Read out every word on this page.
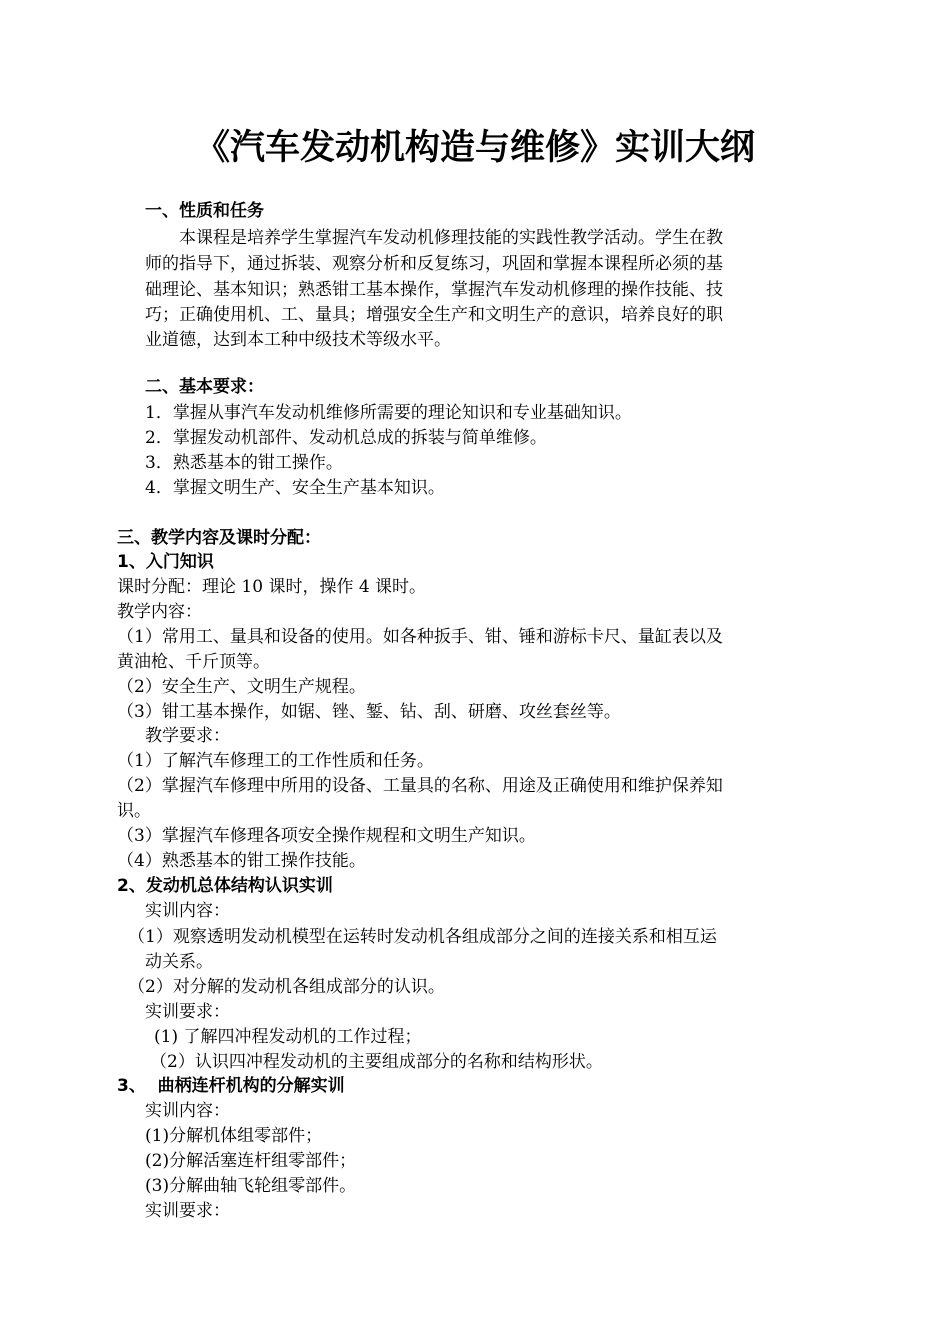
《汽车发动机构造与维修》实训大纲
一、性质和任务
本课程是培养学生掌握汽车发动机修理技能的实践性教学活动。学生在教
师的指导下，通过拆装、观察分析和反复练习，巩固和掌握本课程所必须的基
础理论、基本知识；熟悉钳工基本操作，掌握汽车发动机修理的操作技能、技
巧；正确使用机、工、量具；增强安全生产和文明生产的意识，培养良好的职
业道德，达到本工种中级技术等级水平。
二、基本要求：
1．掌握从事汽车发动机维修所需要的理论知识和专业基础知识。
2．掌握发动机部件、发动机总成的拆装与简单维修。
3．熟悉基本的钳工操作。
4．掌握文明生产、安全生产基本知识。
三、教学内容及课时分配：
1、入门知识
课时分配：理论 10 课时，操作 4 课时。
教学内容：
（1）常用工、量具和设备的使用。如各种扳手、钳、锤和游标卡尺、量缸表以及
黄油枪、千斤顶等。
（2）安全生产、文明生产规程。
（3）钳工基本操作，如锯、锉、錾、钻、刮、研磨、攻丝套丝等。
教学要求：
（1）了解汽车修理工的工作性质和任务。
（2）掌握汽车修理中所用的设备、工量具的名称、用途及正确使用和维护保养知
识。
（3）掌握汽车修理各项安全操作规程和文明生产知识。
（4）熟悉基本的钳工操作技能。
2、发动机总体结构认识实训
实训内容：
（1）观察透明发动机模型在运转时发动机各组成部分之间的连接关系和相互运
动关系。
（2）对分解的发动机各组成部分的认识。
实训要求：
(1) 了解四冲程发动机的工作过程；
（2）认识四冲程发动机的主要组成部分的名称和结构形状。
3、  曲柄连杆机构的分解实训
实训内容：
(1)分解机体组零部件；
(2)分解活塞连杆组零部件；
(3)分解曲轴飞轮组零部件。
实训要求：
